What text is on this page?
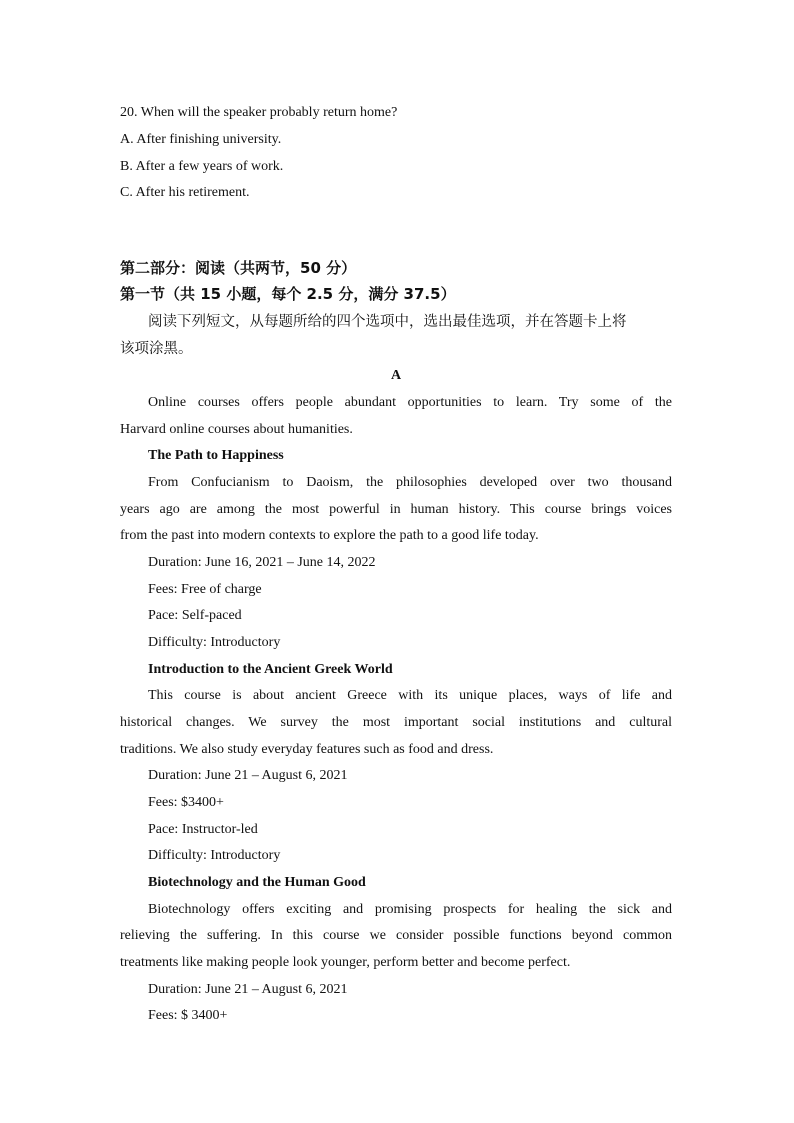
20. When will the speaker probably return home?
A. After finishing university.
B. After a few years of work.
C. After his retirement.
第二部分：阅读（共两节，50 分）
第一节（共 15 小题，每个 2.5 分，满分 37.5）
阅读下列短文，从每题所给的四个选项中，选出最佳选项，并在答题卡上将
该项涂黑。
A
Online courses offers people abundant opportunities to learn. Try some of the
Harvard online courses about humanities.
The Path to Happiness
From Confucianism to Daoism, the philosophies developed over two thousand
years ago are among the most powerful in human history. This course brings voices
from the past into modern contexts to explore the path to a good life today.
Duration: June 16, 2021 – June 14, 2022
Fees: Free of charge
Pace: Self-paced
Difficulty: Introductory
Introduction to the Ancient Greek World
This course is about ancient Greece with its unique places, ways of life and
historical changes. We survey the most important social institutions and cultural
traditions. We also study everyday features such as food and dress.
Duration: June 21 – August 6, 2021
Fees: $3400+
Pace: Instructor-led
Difficulty: Introductory
Biotechnology and the Human Good
Biotechnology offers exciting and promising prospects for healing the sick and
relieving the suffering. In this course we consider possible functions beyond common
treatments like making people look younger, perform better and become perfect.
Duration: June 21 – August 6, 2021
Fees: $ 3400+
